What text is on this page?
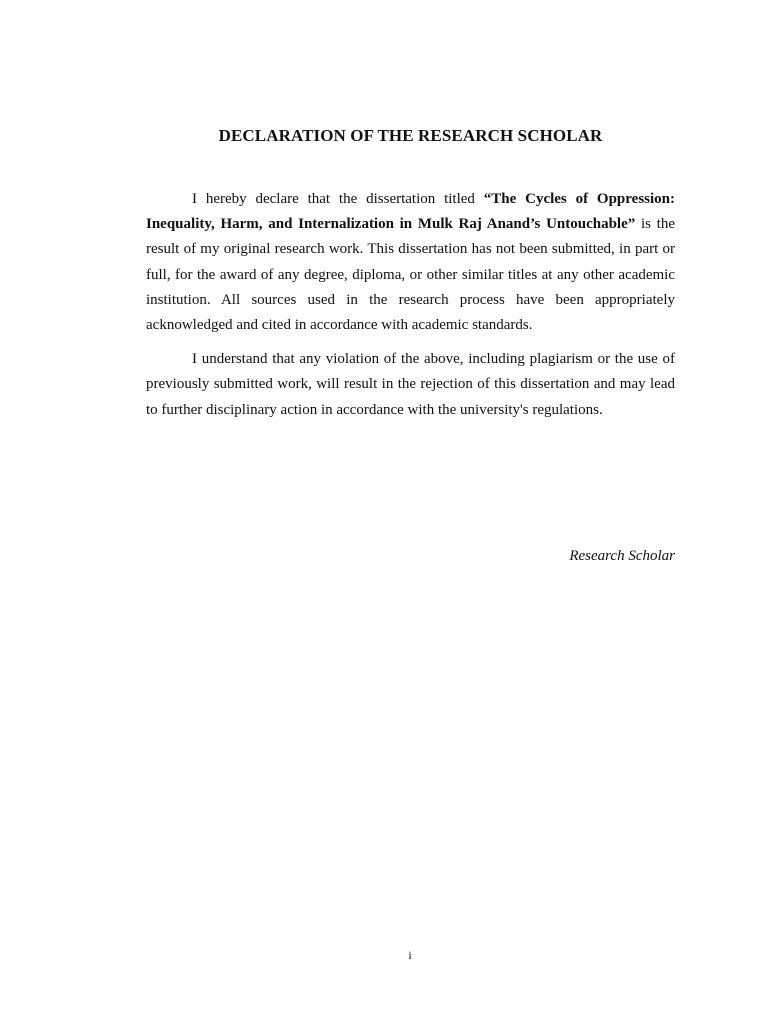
DECLARATION OF THE RESEARCH SCHOLAR

I hereby declare that the dissertation titled “The Cycles of Oppression: Inequality, Harm, and Internalization in Mulk Raj Anand’s Untouchable” is the result of my original research work. This dissertation has not been submitted, in part or full, for the award of any degree, diploma, or other similar titles at any other academic institution. All sources used in the research process have been appropriately acknowledged and cited in accordance with academic standards.

I understand that any violation of the above, including plagiarism or the use of previously submitted work, will result in the rejection of this dissertation and may lead to further disciplinary action in accordance with the university's regulations.

Research Scholar
i
